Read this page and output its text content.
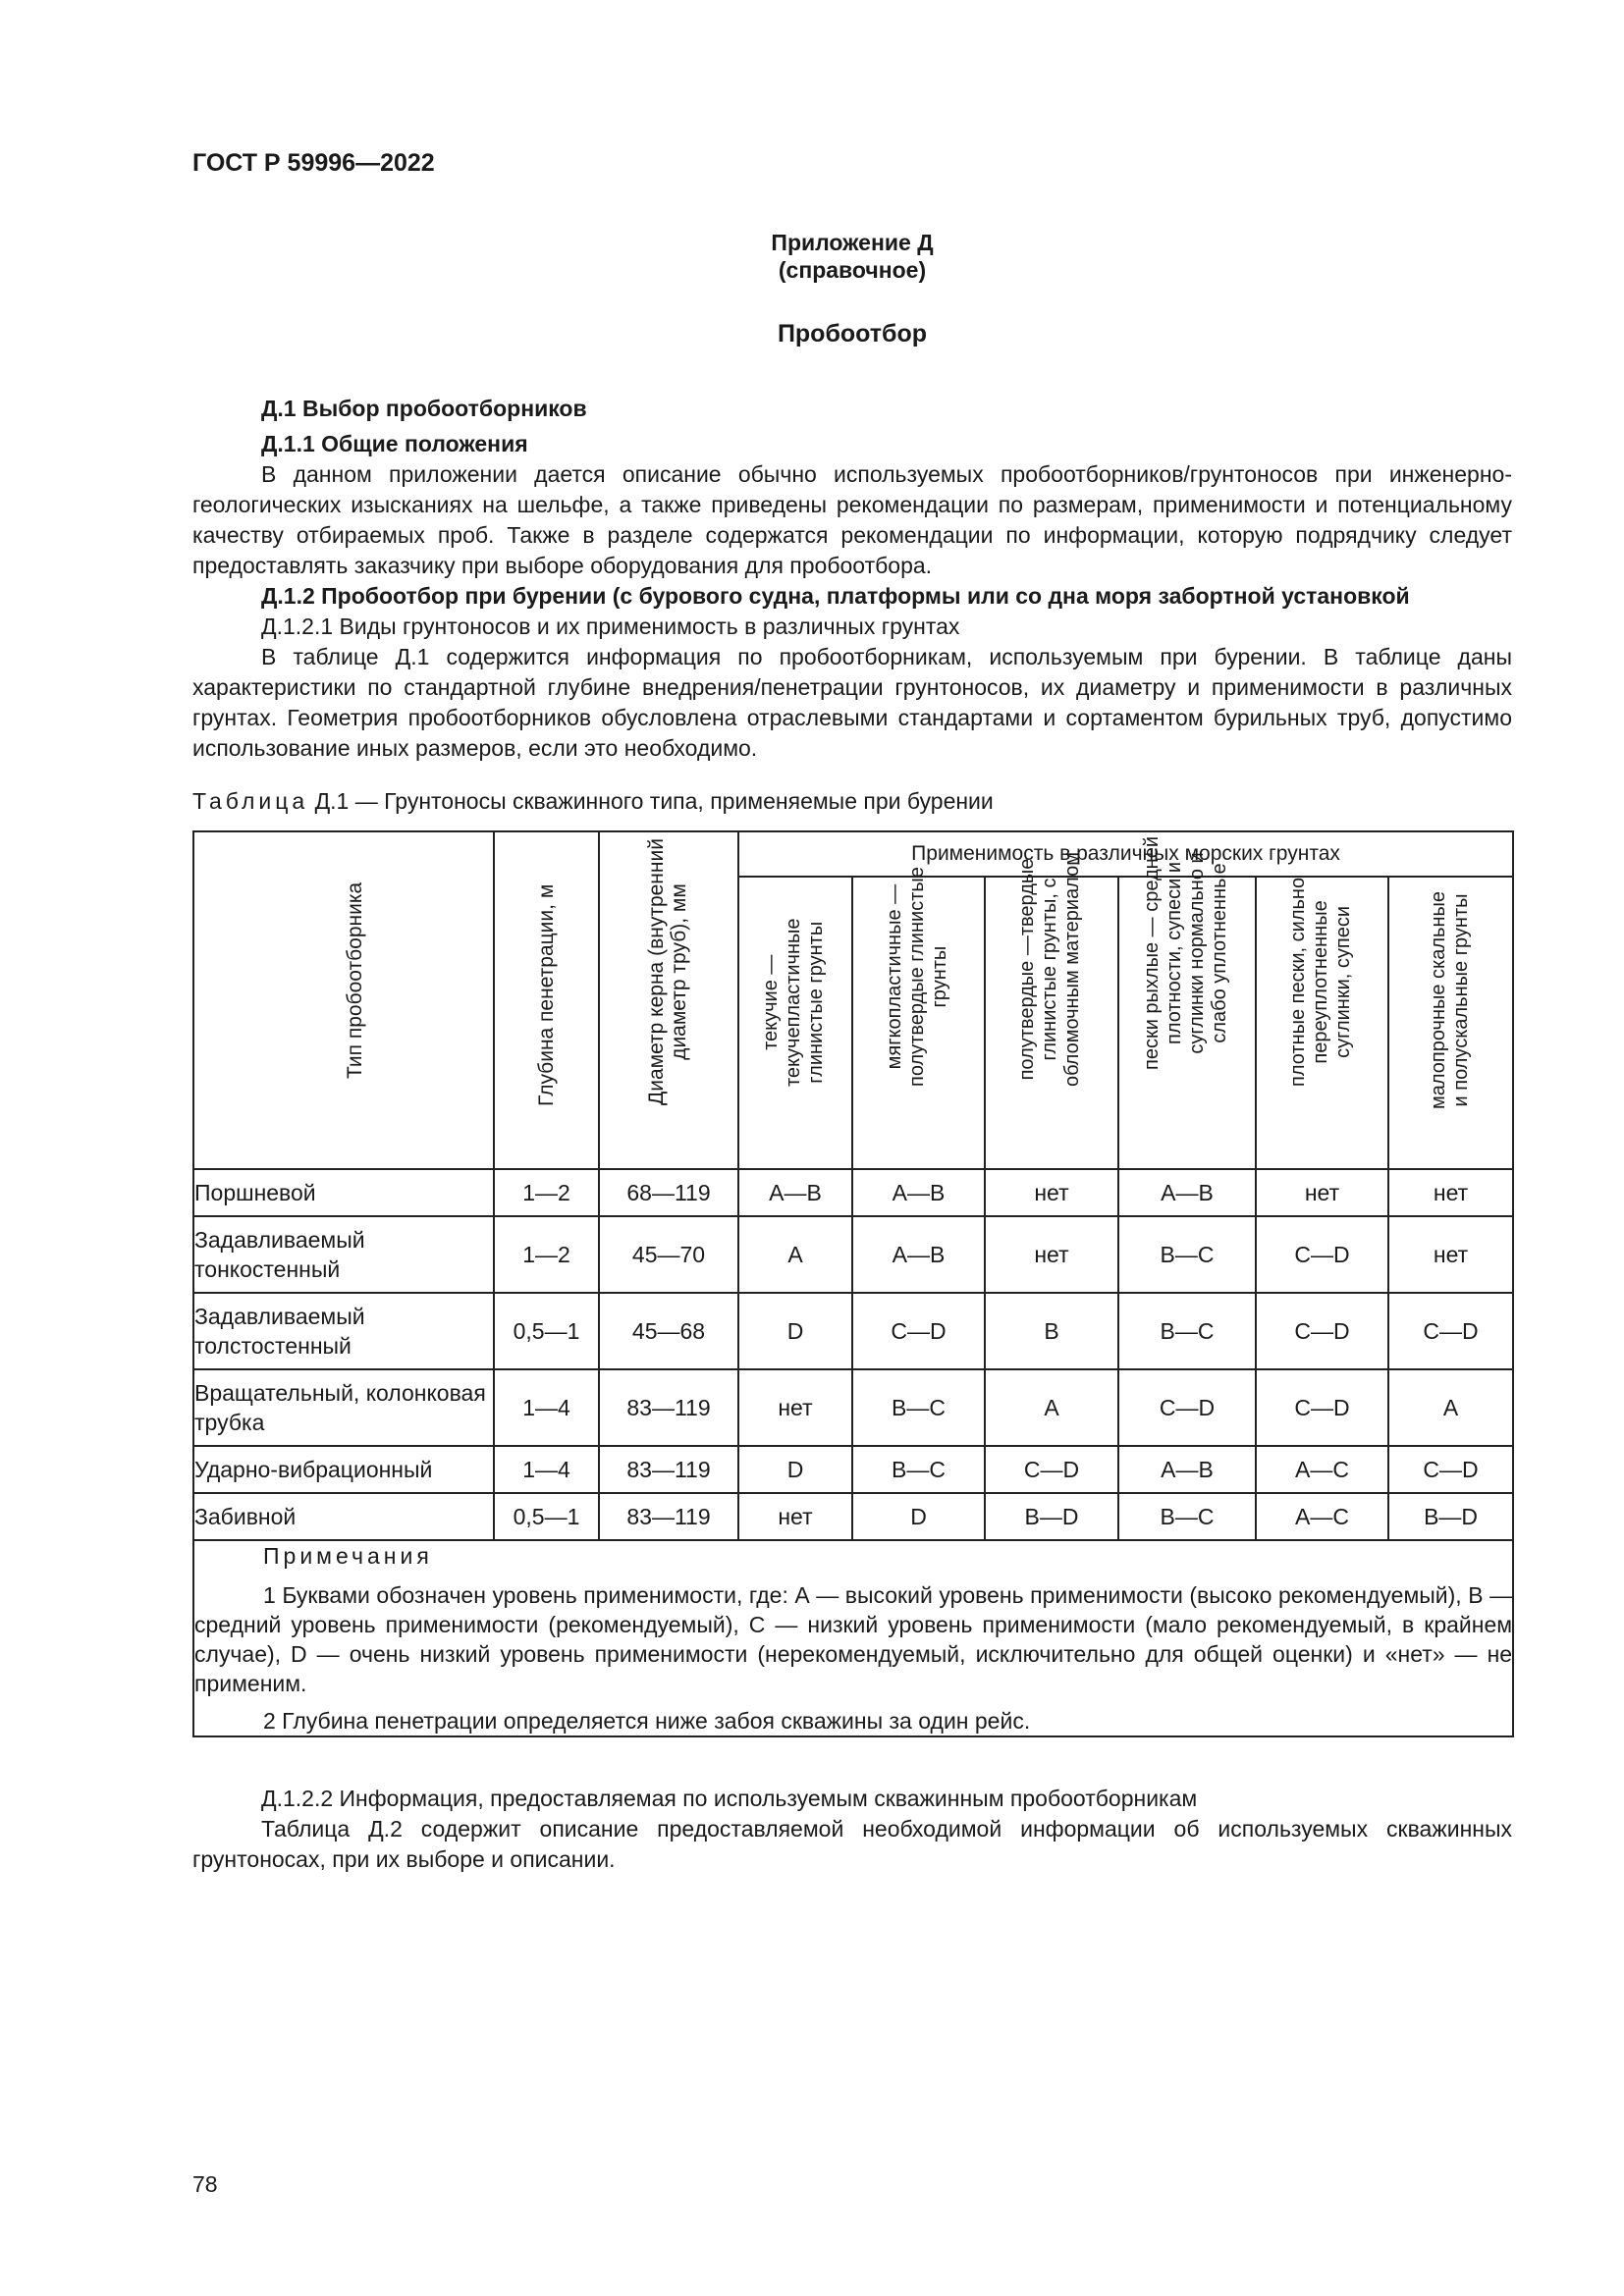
ГОСТ Р 59996—2022
Приложение Д
(справочное)
Пробоотбор

Д.1 Выбор пробоотборников

Д.1.1 Общие положения

В данном приложении дается описание обычно используемых пробоотборников/грунтоносов при инженерно-геологических изысканиях на шельфе, а также приведены рекомендации по размерам, применимости и потенциальному качеству отбираемых проб. Также в разделе содержатся рекомендации по информации, которую подрядчику следует предоставлять заказчику при выборе оборудования для пробоотбора.

Д.1.2 Пробоотбор при бурении (с бурового судна, платформы или со дна моря забортной установкой

Д.1.2.1 Виды грунтоносов и их применимость в различных грунтах

В таблице Д.1 содержится информация по пробоотборникам, используемым при бурении. В таблице даны характеристики по стандартной глубине внедрения/пенетрации грунтоносов, их диаметру и применимости в различных грунтах. Геометрия пробоотборников обусловлена отраслевыми стандартами и сортаментом бурильных труб, допустимо использование иных размеров, если это необходимо.

Таблица Д.1 — Грунтоносы скважинного типа, применяемые при бурении
Тип пробоотборника	Глубина пенетрации, м	Диаметр керна (внутренний
диаметр труб), мм	Применимость в различных морских грунтах					

			текучие —
текучепластичные
глинистые грунты	мягкопластичные —
полутвердые глинистые
грунты	полутвердые —твердые
глинистые грунты, с
обломочным материалом	пески рыхлые — средней
плотности, супеси и
суглинки нормально и
слабо уплотненные	плотные пески, сильно
переуплотненные
суглинки, супеси	малопрочные скальные
и полускальные грунты

Поршневой	1—2	68—119	А—В	А—В	нет	А—В	нет	нет
Задавливаемый тонкостенный	1—2	45—70	А	А—В	нет	В—С	С—D	нет
Задавливаемый толстостенный	0,5—1	45—68	D	С—D	В	В—С	С—D	С—D
Вращательный, колонковая трубка	1—4	83—119	нет	В—С	А	С—D	С—D	А
Ударно-вибрационный	1—4	83—119	D	В—С	С—D	А—В	А—С	С—D
Забивной	0,5—1	83—119	нет	D	В—D	В—С	А—С	В—D

Примечания

1 Буквами обозначен уровень применимости, где: А — высокий уровень применимости (высоко рекомендуемый), В — средний уровень применимости (рекомендуемый), С — низкий уровень применимости (мало рекомендуемый, в крайнем случае), D — очень низкий уровень применимости (нерекомендуемый, исключительно для общей оценки) и «нет» — не применим.

2 Глубина пенетрации определяется ниже забоя скважины за один рейс.								

Д.1.2.2 Информация, предоставляемая по используемым скважинным пробоотборникам

Таблица Д.2 содержит описание предоставляемой необходимой информации об используемых скважинных грунтоносах, при их выборе и описании.

78
